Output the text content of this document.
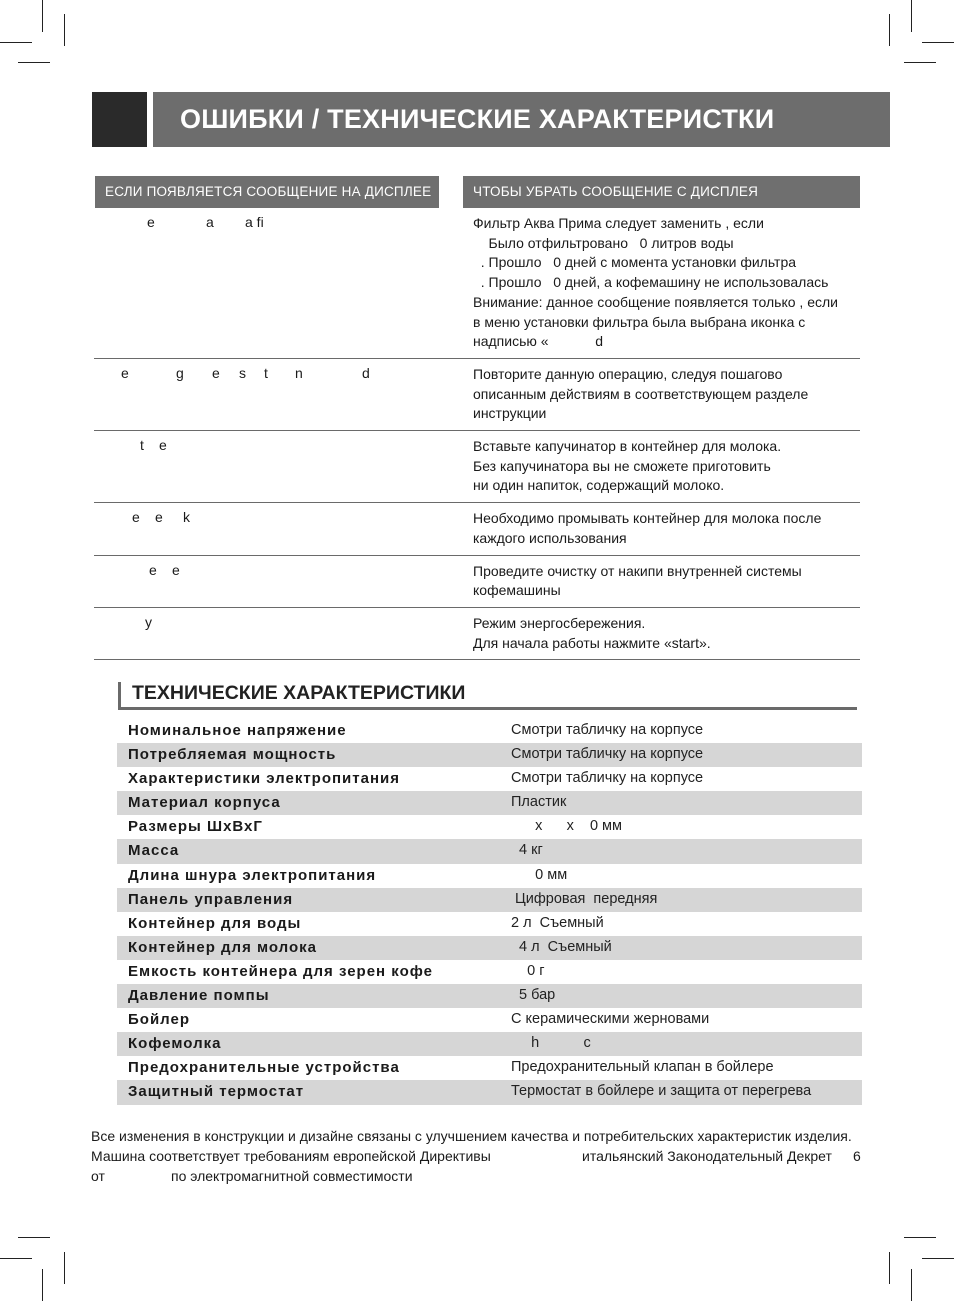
ОШИБКИ / ТЕХНИЧЕСКИЕ ХАРАКТЕРИСТКИ
ЕСЛИ ПОЯВЛЯЕТСЯ СООБЩЕНИЕ НА ДИСПЛЕЕ	ЧТОБЫ УБРАТЬ СООБЩЕНИЕ С ДИСПЛЕЯ
e	a a fi	Фильтр Аква Прима следует заменить , если
Было отфильтровано   0 литров воды
. Прошло   0 дней с момента установки фильтра
. Прошло   0 дней, а кофемашину не использовалась
Внимание: данное сообщение появляется только , если
в меню установки фильтра была выбрана иконка с
надписью «            d
e	g e s t n	d	Повторите данную операцию, следуя пошагово
описанным действиям в соответствующем разделе
инструкции
t e	Вставьте капучинатор в контейнер для молока.
Без капучинатора вы не сможете приготовить
ни один напиток, содержащий молоко.
e e k	Необходимо промывать контейнер для молока после
каждого использования
e e	Проведите очистку от накипи внутренней системы
кофемашины
y	Режим энергосбережения.
Для начала работы нажмите «start».
ТЕХНИЧЕСКИЕ ХАРАКТЕРИСТИКИ
Номинальное напряжение	Смотри табличку на корпусе
Потребляемая мощность	Смотри табличку на корпусе
Характеристики электропитания	Смотри табличку на корпусе
Материал корпуса	Пластик
Размеры ШхВхГ	х      х    0 мм
Масса	4 кг
Длина шнура электропитания	0 мм
Панель управления	Цифровая  передняя
Контейнер для воды	2 л  Съемный
Контейнер для молока	4 л  Съемный
Емкость контейнера для зерен кофе	0 г
Давление помпы	5 бар
Бойлер	С керамическими жерновами
Кофемолка	h           с
Предохранительные устройства	Предохранительный клапан в бойлере
Защитный термостат	Термостат в бойлере и защита от перегрева
Все изменения в конструкции и дизайне связаны с улучшением качества и потребительских характеристик изделия.
Машина соответствует требованиям европейской Директивы	итальянский Законодательный Декрет 6
от	по электромагнитной совместимости
